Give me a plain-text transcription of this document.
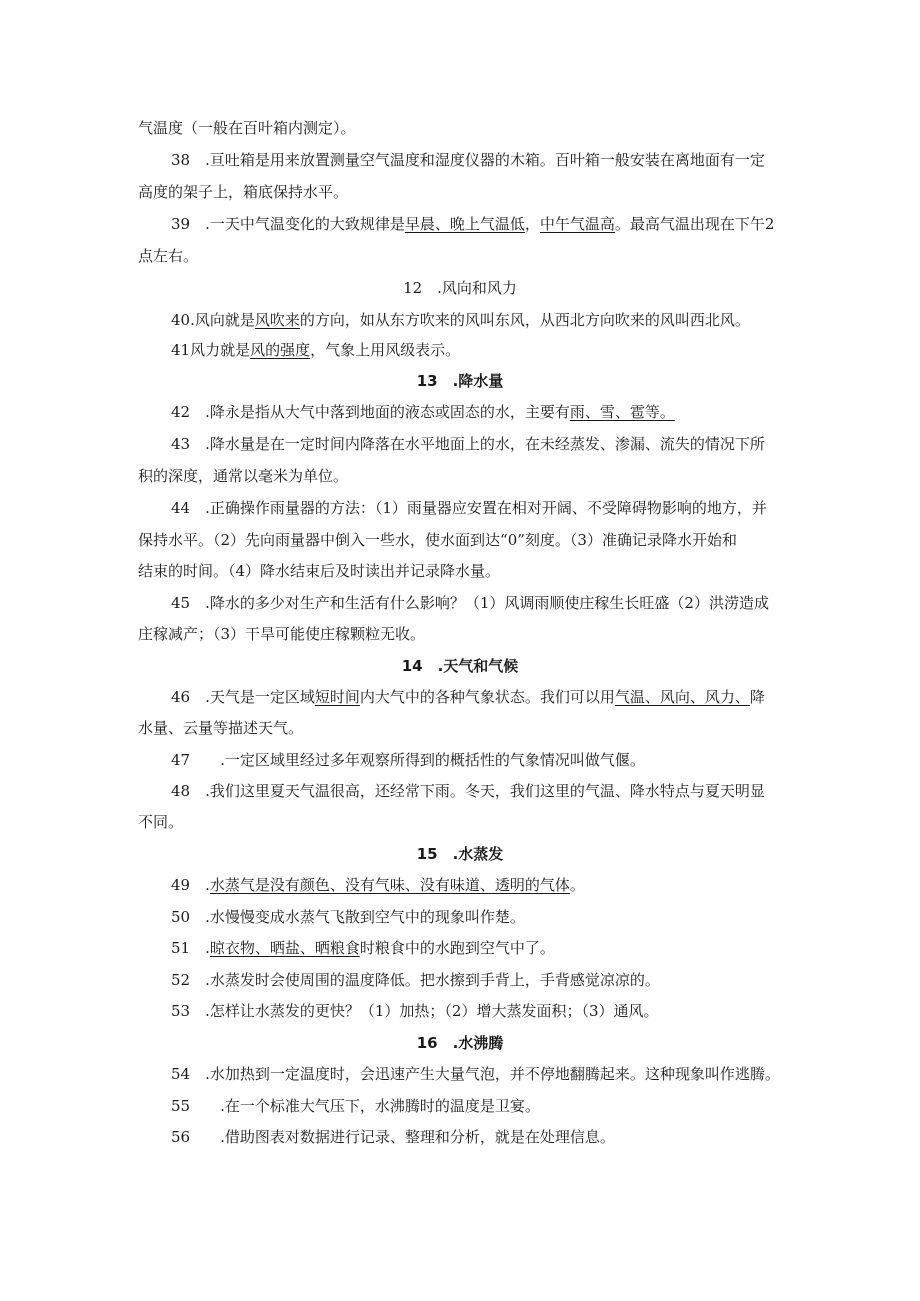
气温度（一般在百叶箱内测定）。
38　.亘吐箱是用来放置测量空气温度和湿度仪器的木箱。百叶箱一般安装在离地面有一定
高度的架子上，箱底保持水平。
39　.一天中气温变化的大致规律是早晨、晚上气温低，中午气温高。最高气温出现在下午2
点左右。
12　.风向和风力
40.风向就是风吹来的方向，如从东方吹来的风叫东风，从西北方向吹来的风叫西北风。
41风力就是风的强度，气象上用风级表示。
13　.降水量
42　.降永是指从大气中落到地面的液态或固态的水，主要有雨、雪、雹等。
43　.降水量是在一定时间内降落在水平地面上的水，在未经蒸发、渗漏、流失的情况下所
积的深度，通常以毫米为单位。
44　.正确操作雨量器的方法：（1）雨量器应安置在相对开阔、不受障碍物影响的地方，并
保持水平。（2）先向雨量器中倒入一些水，使水面到达“0”刻度。（3）准确记录降水开始和
结束的时间。（4）降水结束后及时读出并记录降水量。
45　.降水的多少对生产和生活有什么影响？（1）风调雨顺使庄稼生长旺盛（2）洪涝造成
庄稼减产；（3）干旱可能使庄稼颗粒无收。
14　.天气和气候
46　.天气是一定区域短时间内大气中的各种气象状态。我们可以用气温、风向、风力、降
水量、云量等描述天气。
47　　.一定区域里经过多年观察所得到的概括性的气象情况叫做气偃。
48　.我们这里夏天气温很高，还经常下雨。冬天，我们这里的气温、降水特点与夏天明显
不同。
15　.水蒸发
49　.水蒸气是没有颜色、没有气味、没有味道、透明的气体。
50　.水慢慢变成水蒸气飞散到空气中的现象叫作楚。
51　.晾衣物、晒盐、晒粮食时粮食中的水跑到空气中了。
52　.水蒸发时会使周围的温度降低。把水擦到手背上，手背感觉凉凉的。
53　.怎样让水蒸发的更快？（1）加热；（2）增大蒸发面积；（3）通风。
16　.水沸腾
54　.水加热到一定温度时，会迅速产生大量气泡，并不停地翻腾起来。这种现象叫作逃腾。
55　　.在一个标准大气压下，水沸腾时的温度是卫宴。
56　　.借助图表对数据进行记录、整理和分析，就是在处理信息。
